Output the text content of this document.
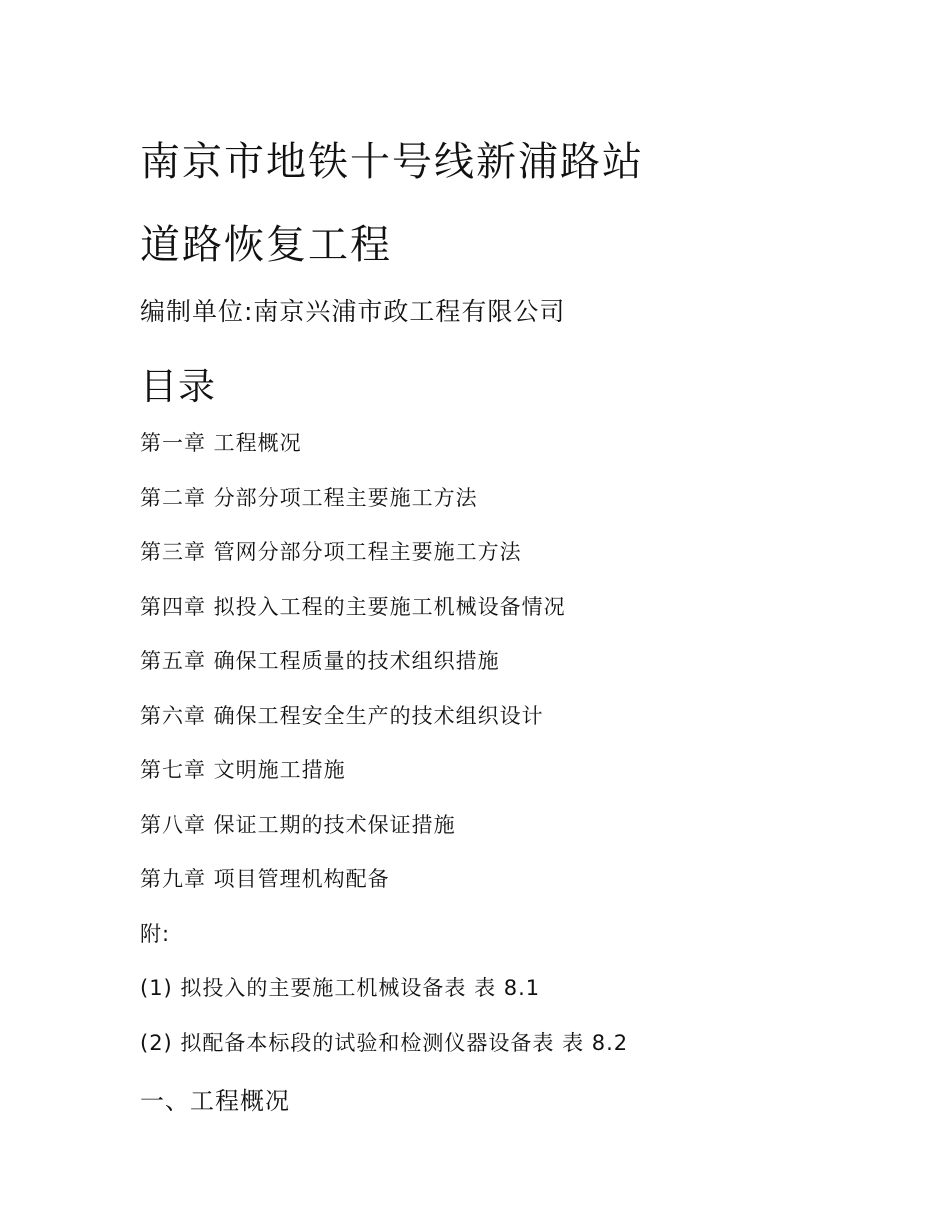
南京市地铁十号线新浦路站
道路恢复工程
编制单位:南京兴浦市政工程有限公司
目录
第一章 工程概况
第二章 分部分项工程主要施工方法
第三章 管网分部分项工程主要施工方法
第四章 拟投入工程的主要施工机械设备情况
第五章 确保工程质量的技术组织措施
第六章 确保工程安全生产的技术组织设计
第七章 文明施工措施
第八章 保证工期的技术保证措施
第九章 项目管理机构配备
附:
(1) 拟投入的主要施工机械设备表 表 8.1
(2) 拟配备本标段的试验和检测仪器设备表 表 8.2
一、工程概况
